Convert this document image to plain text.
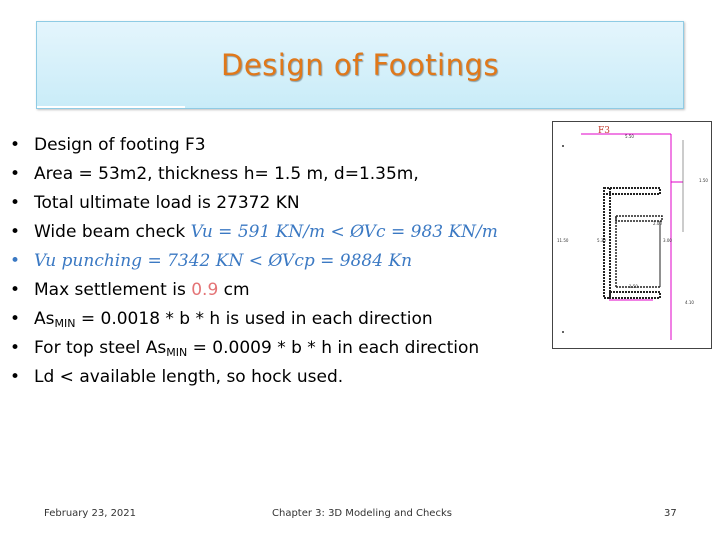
Design of Footings
• Design of footing F3
• Area = 53m2, thickness h= 1.5 m, d=1.35m,
• Total ultimate load is 27372 KN
• Wide beam check Vu = 591 KN/m < ØVc = 983 KN/m
• Vu punching = 7342 KN < ØVcp = 9884 Kn
• Max settlement is 0.9 cm
• $As_{MIN} = 0.0018 * b * h$ is used in each direction
• For top steel $As_{MIN} = 0.0009 * b * h$ in each direction
• Ld < available length, so hock used.
F3
5.50
1.50
2.00
11.50	5.30	3.00
1.50
4.10
February 23, 2021	Chapter 3: 3D Modeling and Checks	37
